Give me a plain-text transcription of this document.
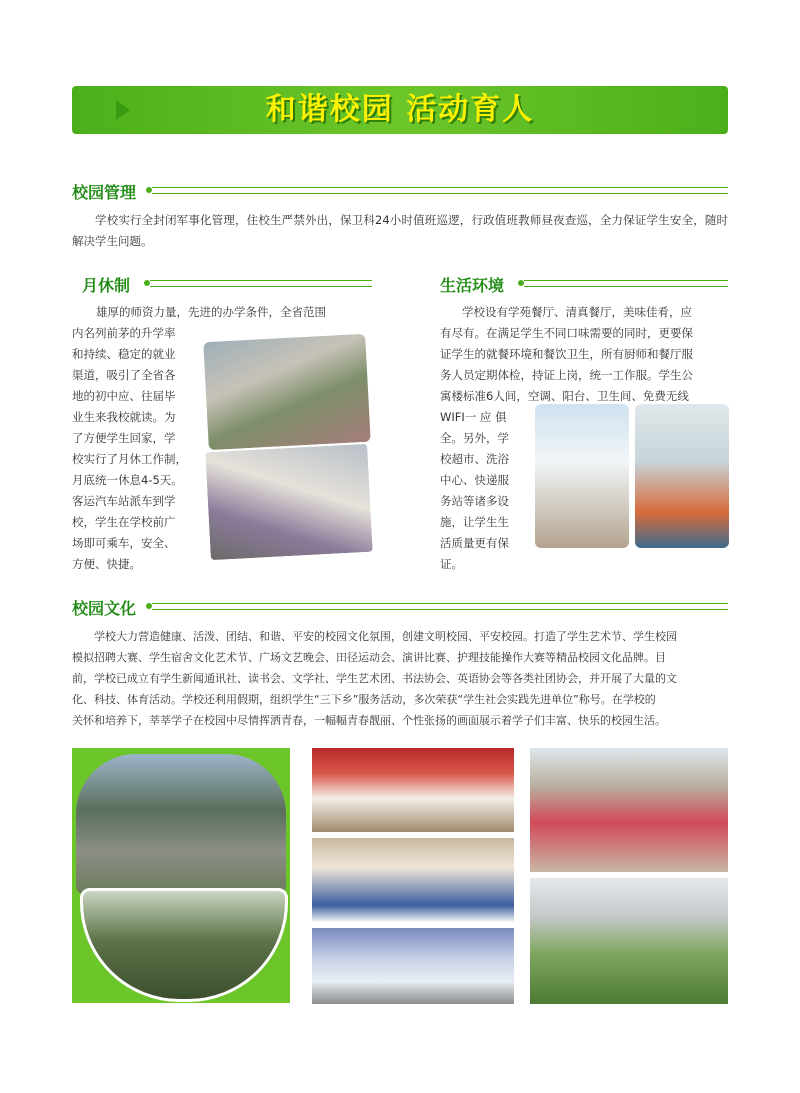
和谐校园 活动育人
校园管理
学校实行全封闭军事化管理，住校生严禁外出，保卫科24小时值班巡逻，行政值班教师昼夜查巡，全力保证学生安全，随时解决学生问题。
月休制
雄厚的师资力量，先进的办学条件，全省范围
内名列前茅的升学率
和持续、稳定的就业
渠道，吸引了全省各
地的初中应、往届毕
业生来我校就读。为
了方便学生回家，学
校实行了月休工作制，
月底统一休息4-5天。
客运汽车站派车到学
校，学生在学校前广
场即可乘车，安全、
方便、快捷。
生活环境
学校设有学苑餐厅、清真餐厅，美味佳肴，应
有尽有。在满足学生不同口味需要的同时，更要保
证学生的就餐环境和餐饮卫生，所有厨师和餐厅服
务人员定期体检，持证上岗，统一工作服。学生公
寓楼标准6人间，空调、阳台、卫生间、免费无线
WIFI一 应 俱
全。另外，学
校超市、洗浴
中心、快递服
务站等诸多设
施，让学生生
活质量更有保
证。
校园文化
学校大力营造健康、活泼、团结、和谐、平安的校园文化氛围，创建文明校园、平安校园。打造了学生艺术节、学生校园
模拟招聘大赛、学生宿舍文化艺术节、广场文艺晚会、田径运动会、演讲比赛、护理技能操作大赛等精品校园文化品牌。目
前，学校已成立有学生新闻通讯社、读书会、文学社、学生艺术团、书法协会、英语协会等各类社团协会，并开展了大量的文
化、科技、体育活动。学校还利用假期，组织学生“三下乡”服务活动，多次荣获“学生社会实践先进单位”称号。在学校的
关怀和培养下，莘莘学子在校园中尽情挥洒青春，一幅幅青春靓丽、个性张扬的画面展示着学子们丰富、快乐的校园生活。
